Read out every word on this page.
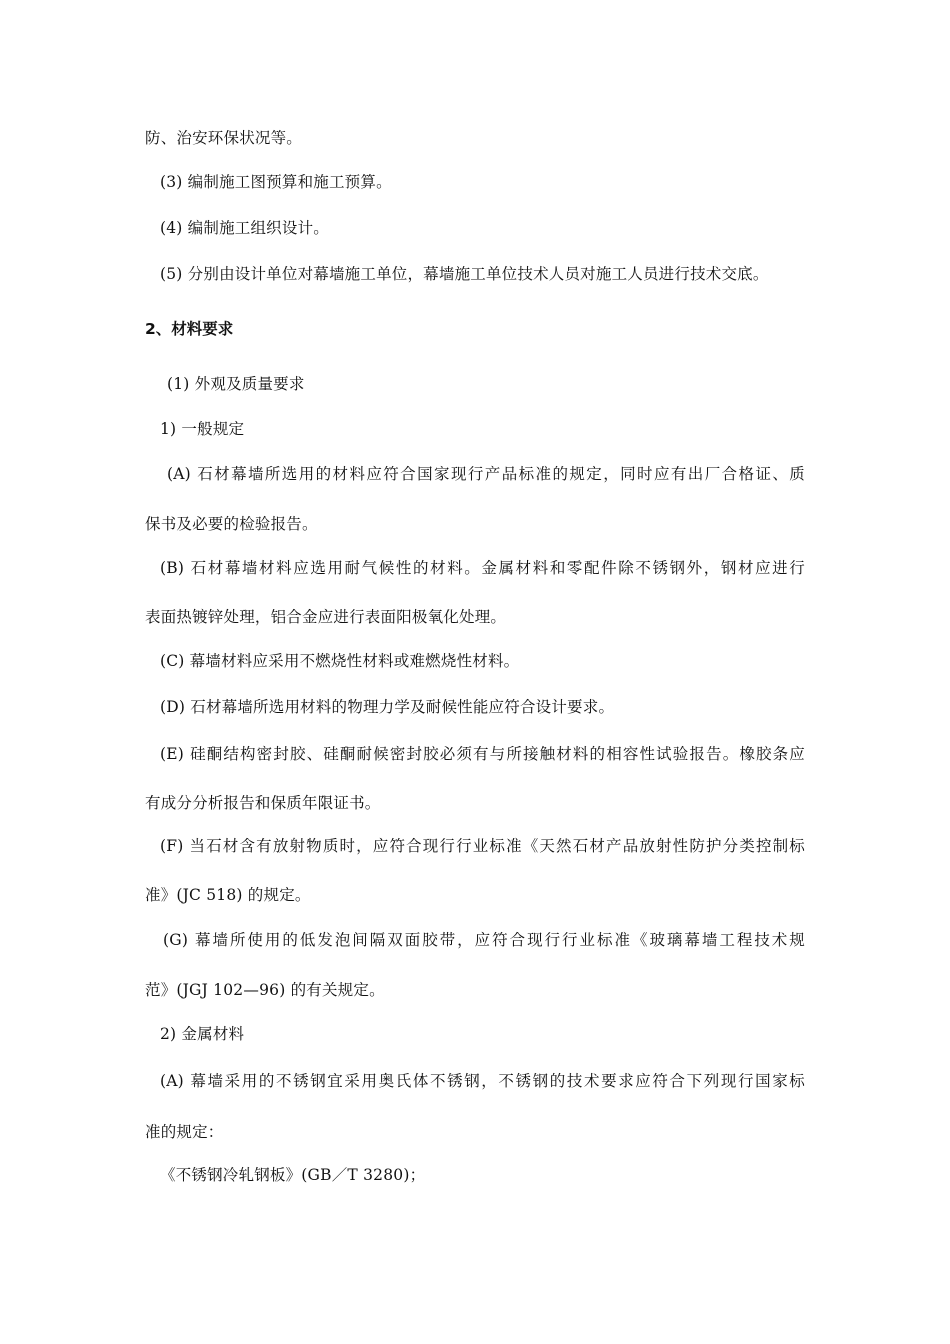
防、治安环保状况等。
(3) 编制施工图预算和施工预算。
(4) 编制施工组织设计。
(5) 分别由设计单位对幕墙施工单位，幕墙施工单位技术人员对施工人员进行技术交底。
2、材料要求
(1) 外观及质量要求
1) 一般规定
(A) 石材幕墙所选用的材料应符合国家现行产品标准的规定，同时应有出厂合格证、质
保书及必要的检验报告。
(B) 石材幕墙材料应选用耐气候性的材料。金属材料和零配件除不锈钢外，钢材应进行
表面热镀锌处理，铝合金应进行表面阳极氧化处理。
(C) 幕墙材料应采用不燃烧性材料或难燃烧性材料。
(D) 石材幕墙所选用材料的物理力学及耐候性能应符合设计要求。
(E) 硅酮结构密封胶、硅酮耐候密封胶必须有与所接触材料的相容性试验报告。橡胶条应
有成分分析报告和保质年限证书。
(F) 当石材含有放射物质时，应符合现行行业标准《天然石材产品放射性防护分类控制标
准》(JC 518) 的规定。
(G) 幕墙所使用的低发泡间隔双面胶带，应符合现行行业标准《玻璃幕墙工程技术规
范》(JGJ 102—96) 的有关规定。
2) 金属材料
(A) 幕墙采用的不锈钢宜采用奥氏体不锈钢，不锈钢的技术要求应符合下列现行国家标
准的规定：
《不锈钢冷轧钢板》(GB／T 3280)；
